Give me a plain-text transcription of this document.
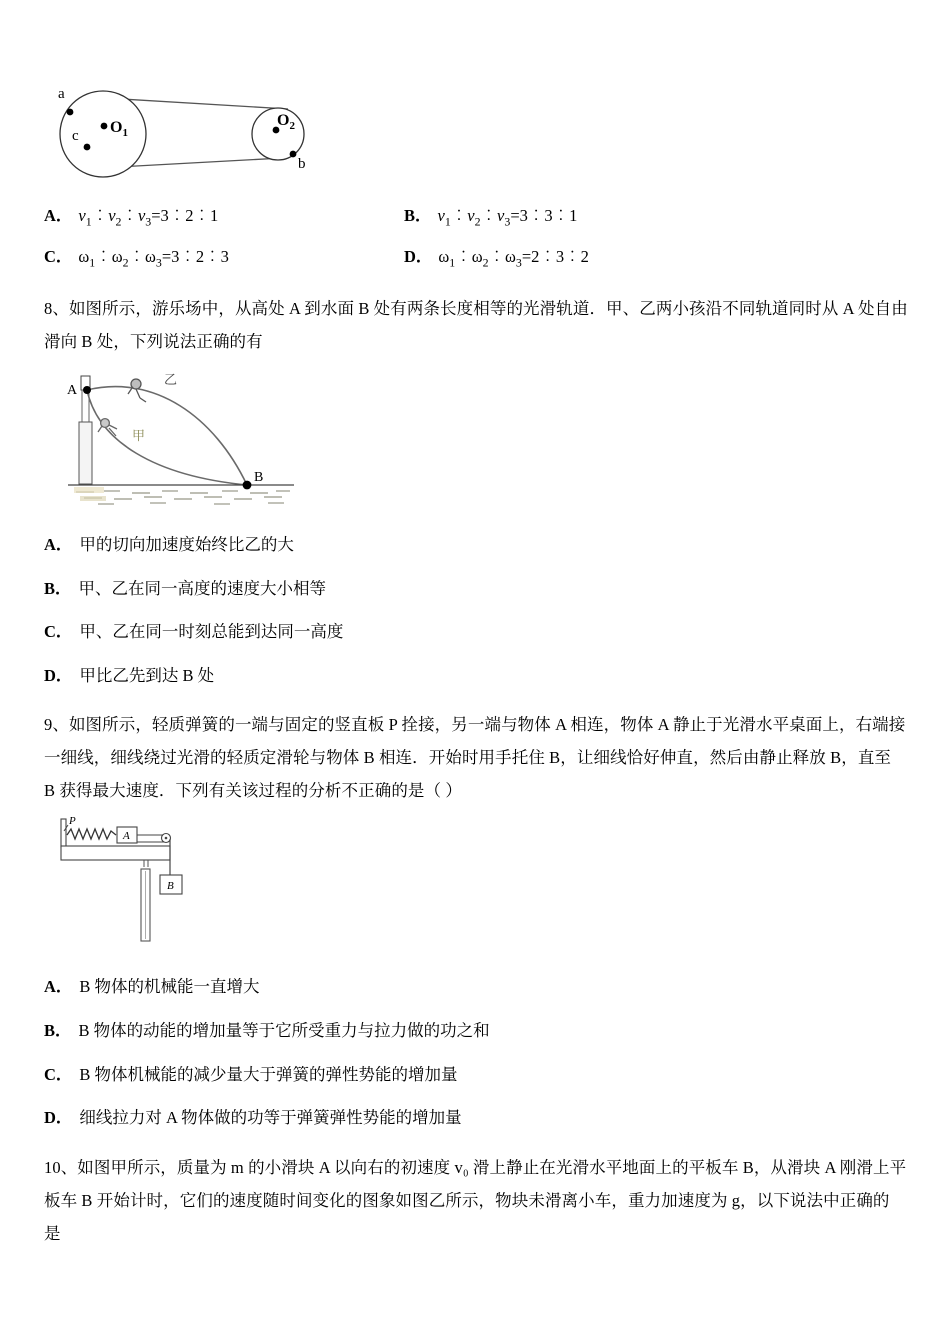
a
b
c $O_1$
$O_2$
A． $v_1︰v_2︰v_3=3︰2︰1$	B． $v_1︰v_2︰v_3=3︰3︰1$
C． $\omega_1︰\omega_2︰\omega_3=3︰2︰3$	D． $\omega_1︰\omega_2︰\omega_3=2︰3︰2$
8、如图所示，游乐场中，从高处 A 到水面 B 处有两条长度相等的光滑轨道．甲、乙两小孩沿不同轨道同时从 A 处自由
滑向 B 处，下列说法正确的有
A
B
甲
乙
A． 甲的切向加速度始终比乙的大
B． 甲、乙在同一高度的速度大小相等
C． 甲、乙在同一时刻总能到达同一高度
D． 甲比乙先到达 B 处
9、如图所示，轻质弹簧的一端与固定的竖直板 P 拴接，另一端与物体 A 相连，物体 A 静止于光滑水平桌面上，右端接
一细线，细线绕过光滑的轻质定滑轮与物体 B 相连．开始时用手托住 B，让细线恰好伸直，然后由静止释放 B，直至
B 获得最大速度．下列有关该过程的分析不正确的是（ ）
A
B
P
A． B 物体的机械能一直增大
B． B 物体的动能的增加量等于它所受重力与拉力做的功之和
C． B 物体机械能的减少量大于弹簧的弹性势能的增加量
D． 细线拉力对 A 物体做的功等于弹簧弹性势能的增加量
10、如图甲所示，质量为 m 的小滑块 A 以向右的初速度 v₀ 滑上静止在光滑水平地面上的平板车 B，从滑块 A 刚滑上平
板车 B 开始计时，它们的速度随时间变化的图象如图乙所示，物块未滑离小车，重力加速度为 g，以下说法中正确的
是
